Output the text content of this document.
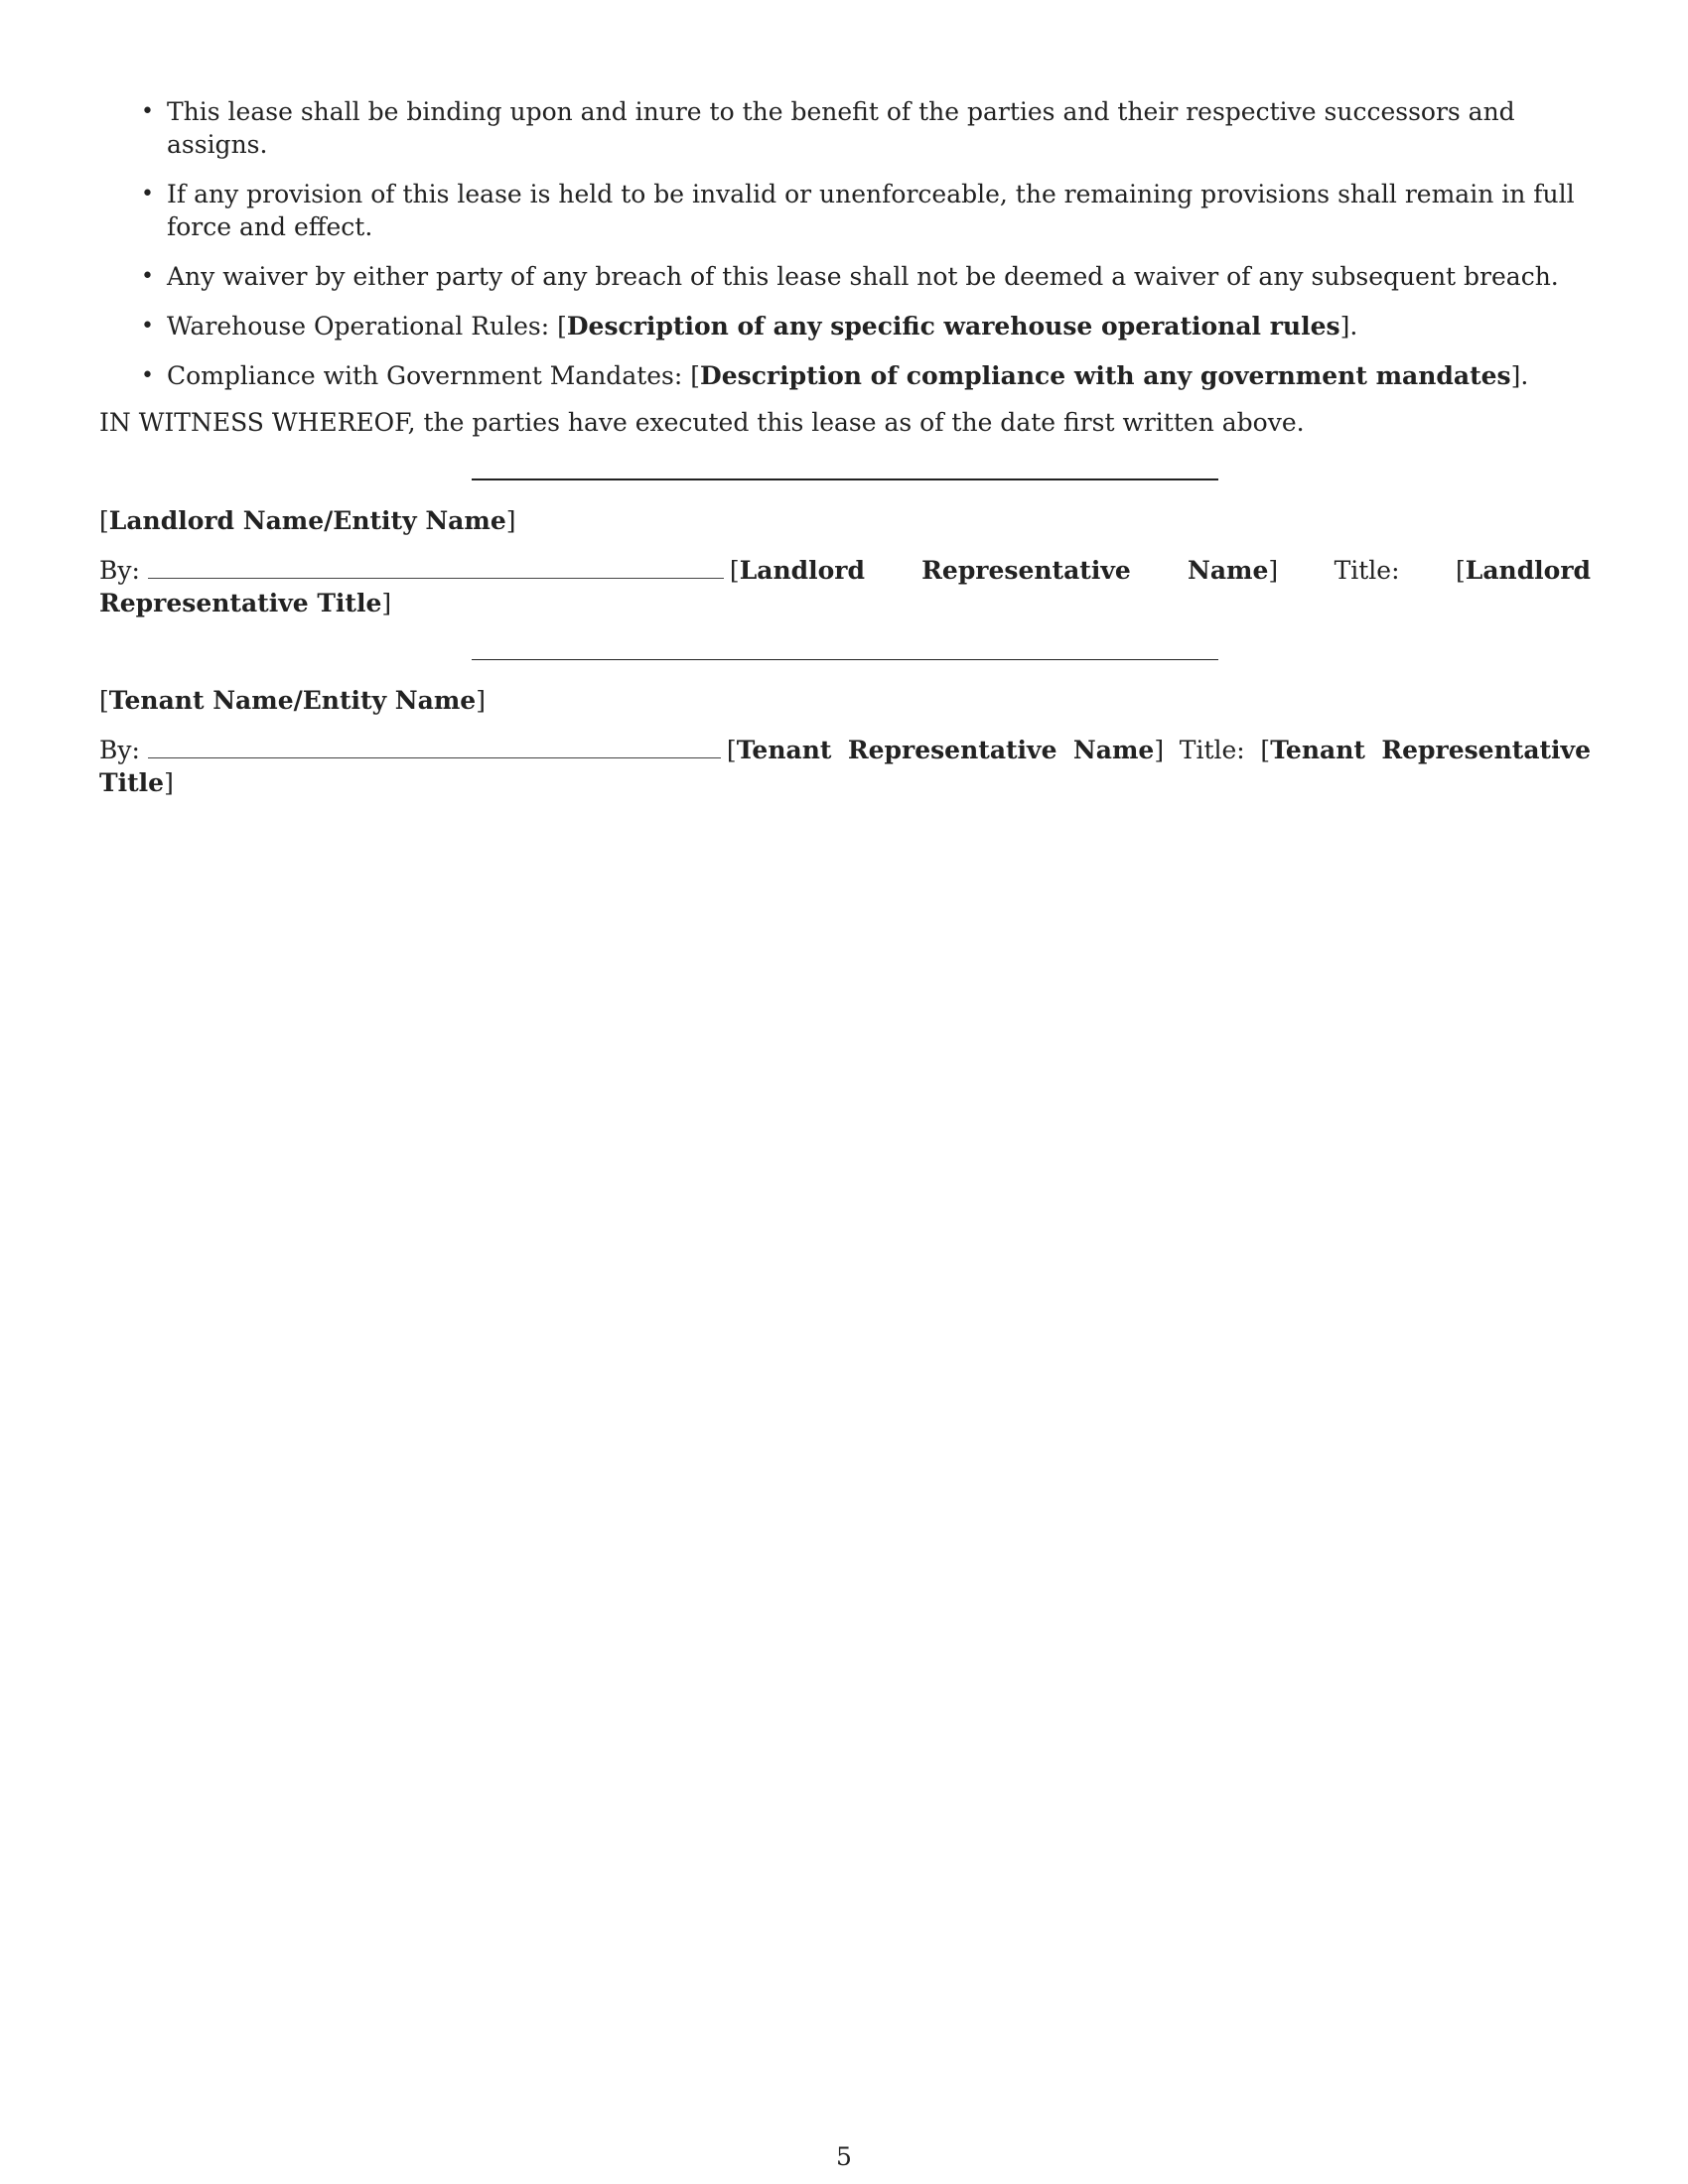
• This lease shall be binding upon and inure to the benefit of the parties and their respective successors and assigns.
• If any provision of this lease is held to be invalid or unenforceable, the remaining provisions shall remain in full force and effect.
• Any waiver by either party of any breach of this lease shall not be deemed a waiver of any subsequent breach.
• Warehouse Operational Rules: [Description of any specific warehouse operational rules].
• Compliance with Government Mandates: [Description of compliance with any government mandates].
IN WITNESS WHEREOF, the parties have executed this lease as of the date first written above.
[Landlord Name/Entity Name]
By:	[Landlord Representative Name] Title: [Landlord Representative Title]
[Tenant Name/Entity Name]
By:	[Tenant Representative Name] Title: [Tenant Representative Title]
5
